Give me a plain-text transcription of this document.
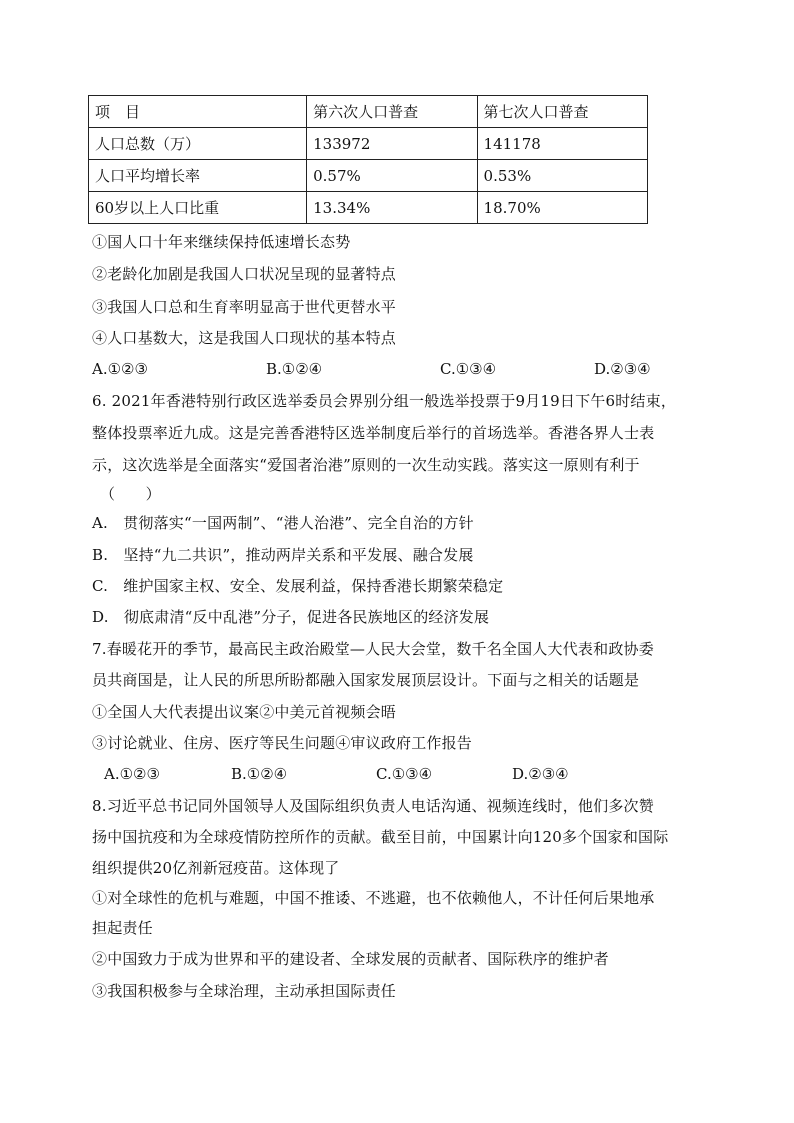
项　目	第六次人口普查	第七次人口普查
人口总数（万）	133972	141178
人口平均增长率	0.57%	0.53%
60岁以上人口比重	13.34%	18.70%
①国人口十年来继续保持低速增长态势
②老龄化加剧是我国人口状况呈现的显著特点
③我国人口总和生育率明显高于世代更替水平
④人口基数大，这是我国人口现状的基本特点
A.①②③	B.①②④	C.①③④	D.②③④
6. 2021年香港特别行政区选举委员会界别分组一般选举投票于9月19日下午6时结束，
整体投票率近九成。这是完善香港特区选举制度后举行的首场选举。香港各界人士表
示，这次选举是全面落实“爱国者治港”原则的一次生动实践。落实这一原则有利于
（　　）
A.　贯彻落实“一国两制”、“港人治港”、完全自治的方针
B.　坚持“九二共识”，推动两岸关系和平发展、融合发展
C.　维护国家主权、安全、发展利益，保持香港长期繁荣稳定
D.　彻底肃清“反中乱港”分子，促进各民族地区的经济发展
7.春暖花开的季节，最高民主政治殿堂—人民大会堂，数千名全国人大代表和政协委
员共商国是，让人民的所思所盼都融入国家发展顶层设计。下面与之相关的话题是
①全国人大代表提出议案②中美元首视频会晤
③讨论就业、住房、医疗等民生问题④审议政府工作报告
A.①②③	B.①②④	C.①③④	D.②③④
8.习近平总书记同外国领导人及国际组织负责人电话沟通、视频连线时，他们多次赞
扬中国抗疫和为全球疫情防控所作的贡献。截至目前，中国累计向120多个国家和国际
组织提供20亿剂新冠疫苗。这体现了
①对全球性的危机与难题，中国不推诿、不逃避，也不依赖他人，不计任何后果地承
担起责任
②中国致力于成为世界和平的建设者、全球发展的贡献者、国际秩序的维护者
③我国积极参与全球治理，主动承担国际责任
